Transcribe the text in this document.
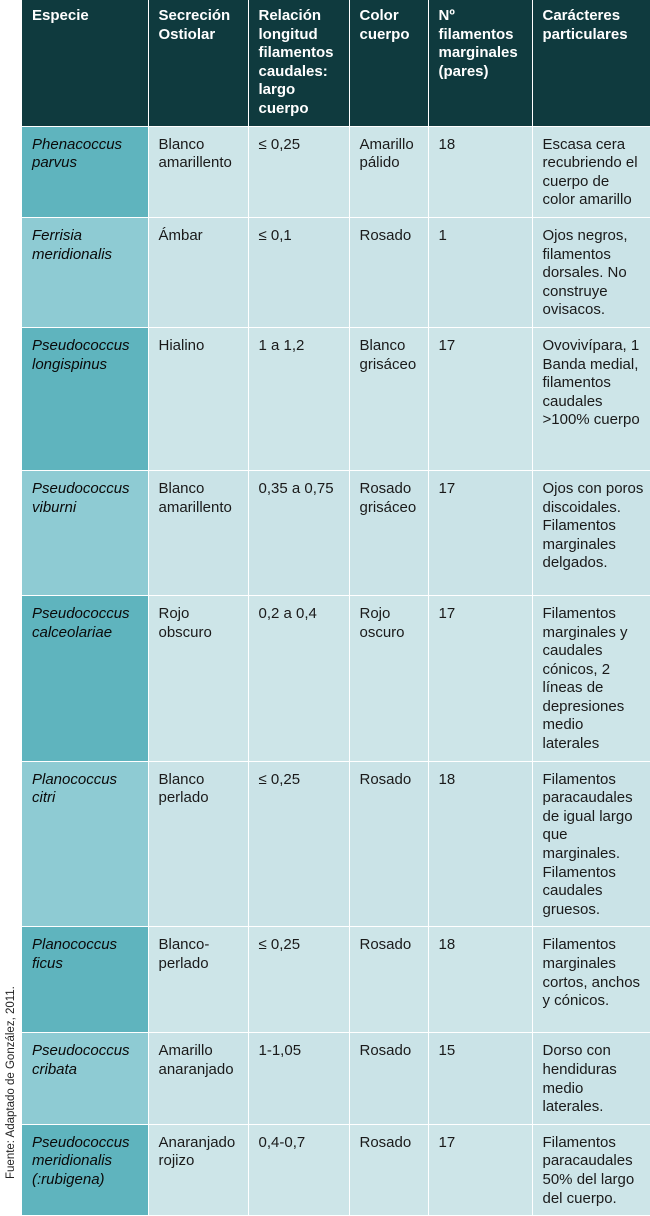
Fuente: Adaptado de González, 2011.
Especie	Secreción Ostiolar	Relación longitud filamentos caudales: largo cuerpo	Color cuerpo	Nº filamentos marginales (pares)	Carácteres particulares
Phenacoccus parvus	Blanco amarillento	≤ 0,25	Amarillo pálido	18	Escasa cera recubriendo el cuerpo de color amarillo
Ferrisia meridionalis	Ámbar	≤ 0,1	Rosado	1	Ojos negros, filamentos dorsales. No construye ovisacos.
Pseudococcus longispinus	Hialino	1 a 1,2	Blanco grisáceo	17	Ovovivípara, 1 Banda medial, filamentos caudales >100% cuerpo
Pseudococcus viburni	Blanco amarillento	0,35 a 0,75	Rosado grisáceo	17	Ojos con poros discoidales. Filamentos marginales delgados.
Pseudococcus calceolariae	Rojo obscuro	0,2 a 0,4	Rojo oscuro	17	Filamentos marginales y caudales cónicos, 2 líneas de depresiones medio laterales
Planococcus citri	Blanco perlado	≤ 0,25	Rosado	18	Filamentos paracaudales de igual largo que marginales. Filamentos caudales gruesos.
Planococcus ficus	Blanco-perlado	≤ 0,25	Rosado	18	Filamentos marginales cortos, anchos y cónicos.
Pseudococcus cribata	Amarillo anaranjado	1-1,05	Rosado	15	Dorso con hendiduras medio laterales.
Pseudococcus meridionalis (:rubigena)	Anaranjado rojizo	0,4-0,7	Rosado	17	Filamentos paracaudales 50% del largo del cuerpo.
